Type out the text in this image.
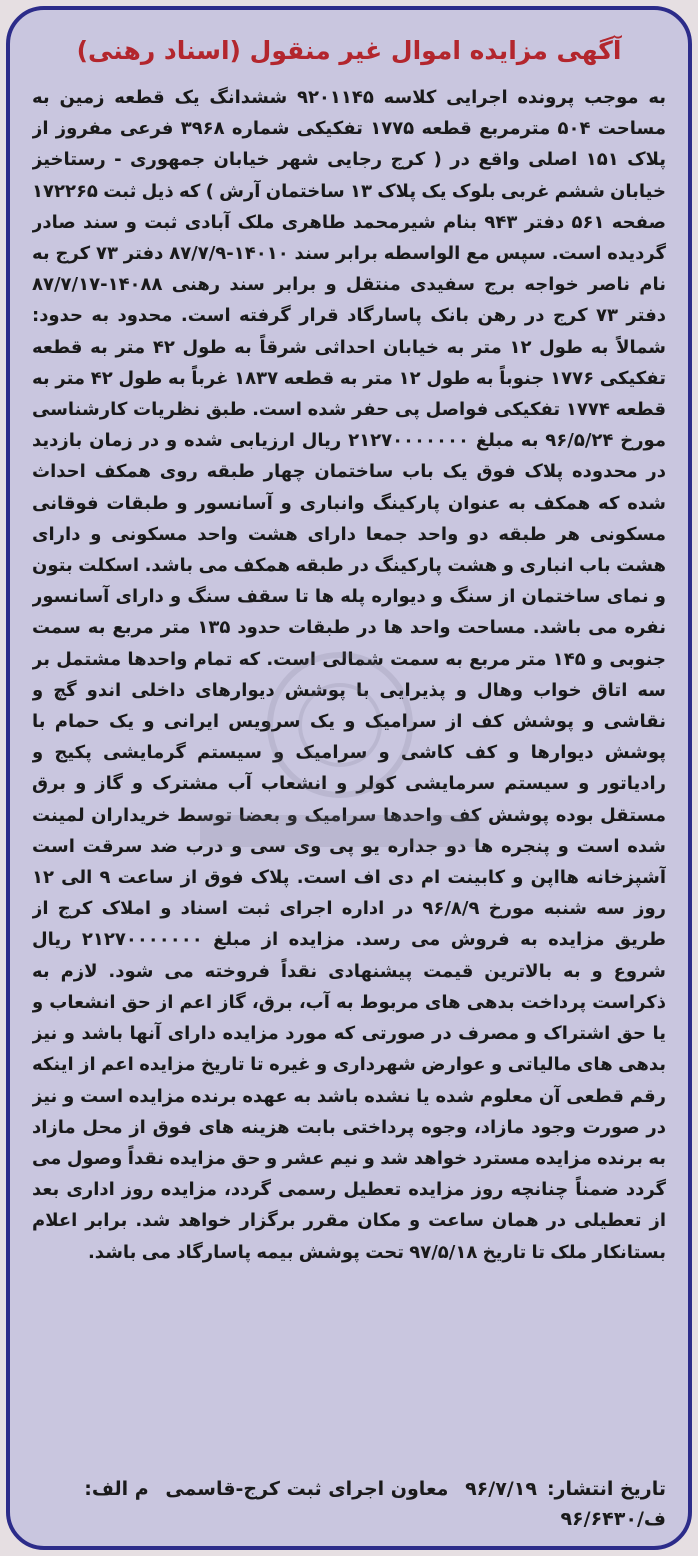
آگهی مزایده اموال غیر منقول (اسناد رهنی)

به موجب پرونده اجرایی کلاسه ۹۲۰۱۱۴۵ ششدانگ یک قطعه زمین به مساحت ۵۰۴ مترمربع قطعه ۱۷۷۵ تفکیکی شماره ۳۹۶۸ فرعی مفروز از پلاک ۱۵۱ اصلی واقع در ( کرج رجایی شهر خیابان جمهوری - رستاخیز خیابان ششم غربی بلوک یک پلاک ۱۳ ساختمان آرش ) که ذیل ثبت ۱۷۲۲۶۵ صفحه ۵۶۱ دفتر ۹۴۳ بنام شیرمحمد طاهری ملک آبادی ثبت و سند صادر گردیده است. سپس مع الواسطه برابر سند ۱۴۰۱۰-۸۷/۷/۹ دفتر ۷۳ کرج به نام ناصر خواجه برج سفیدی منتقل و برابر سند رهنی ۱۴۰۸۸-۸۷/۷/۱۷ دفتر ۷۳ کرج در رهن بانک پاسارگاد قرار گرفته است. محدود به حدود: شمالاً به طول ۱۲ متر به خیابان احداثی شرقاً به طول ۴۲ متر به قطعه تفکیکی ۱۷۷۶ جنوباً به طول ۱۲ متر به قطعه ۱۸۳۷ غرباً به طول ۴۲ متر به قطعه ۱۷۷۴ تفکیکی فواصل پی حفر شده است. طبق نظریات کارشناسی مورخ ۹۶/۵/۲۴ به مبلغ ۲۱۲۷۰۰۰۰۰۰۰ ریال ارزیابی شده و در زمان بازدید در محدوده پلاک فوق یک باب ساختمان چهار طبقه روی همکف احداث شده که همکف به عنوان پارکینگ وانباری و آسانسور و طبقات فوقانی مسکونی هر طبقه دو واحد جمعا دارای هشت واحد مسکونی و دارای هشت باب انباری و هشت پارکینگ در طبقه همکف می باشد. اسکلت بتون و نمای ساختمان از سنگ و دیواره پله ها تا سقف سنگ و دارای آسانسور نفره می باشد. مساحت واحد ها در طبقات حدود ۱۳۵ متر مربع به سمت جنوبی و ۱۴۵ متر مربع به سمت شمالی است. که تمام واحدها مشتمل بر سه اتاق خواب وهال و پذیرایی با پوشش دیوارهای داخلی اندو گچ و نقاشی و پوشش کف از سرامیک و یک سرویس ایرانی و یک حمام با پوشش دیوارها و کف کاشی و سرامیک و سیستم گرمایشی پکیج و رادیاتور و سیستم سرمایشی کولر و انشعاب آب مشترک و گاز و برق مستقل بوده پوشش کف واحدها سرامیک و بعضا توسط خریداران لمینت شده است و پنجره ها دو جداره یو پی وی سی و درب ضد سرقت است آشپزخانه هااپن و کابینت ام دی اف است. پلاک فوق از ساعت ۹ الی ۱۲ روز سه شنبه مورخ ۹۶/۸/۹ در اداره اجرای ثبت اسناد و املاک کرج از طریق مزایده به فروش می رسد. مزایده از مبلغ ۲۱۲۷۰۰۰۰۰۰۰ ریال شروع و به بالاترین قیمت پیشنهادی نقداً فروخته می شود. لازم به ذکراست پرداخت بدهی های مربوط به آب، برق، گاز اعم از حق انشعاب و یا حق اشتراک و مصرف در صورتی که مورد مزایده دارای آنها باشد و نیز بدهی های مالیاتی و عوارض شهرداری و غیره تا تاریخ مزایده اعم از اینکه رقم قطعی آن معلوم شده یا نشده باشد به عهده برنده مزایده است و نیز در صورت وجود مازاد، وجوه پرداختی بابت هزینه های فوق از محل مازاد به برنده مزایده مسترد خواهد شد و نیم عشر و حق مزایده نقداً وصول می گردد ضمناً چنانچه روز مزایده تعطیل رسمی گردد، مزایده روز اداری بعد از تعطیلی در همان ساعت و مکان مقرر برگزار خواهد شد. برابر اعلام بستانکار ملک تا تاریخ ۹۷/۵/۱۸ تحت پوشش بیمه پاسارگاد می باشد.

تاریخ انتشار:۹۶/۷/۱۹ معاون اجرای ثبت کرج-قاسمی م الف:
۹۶/۶۴۳۰/ف
